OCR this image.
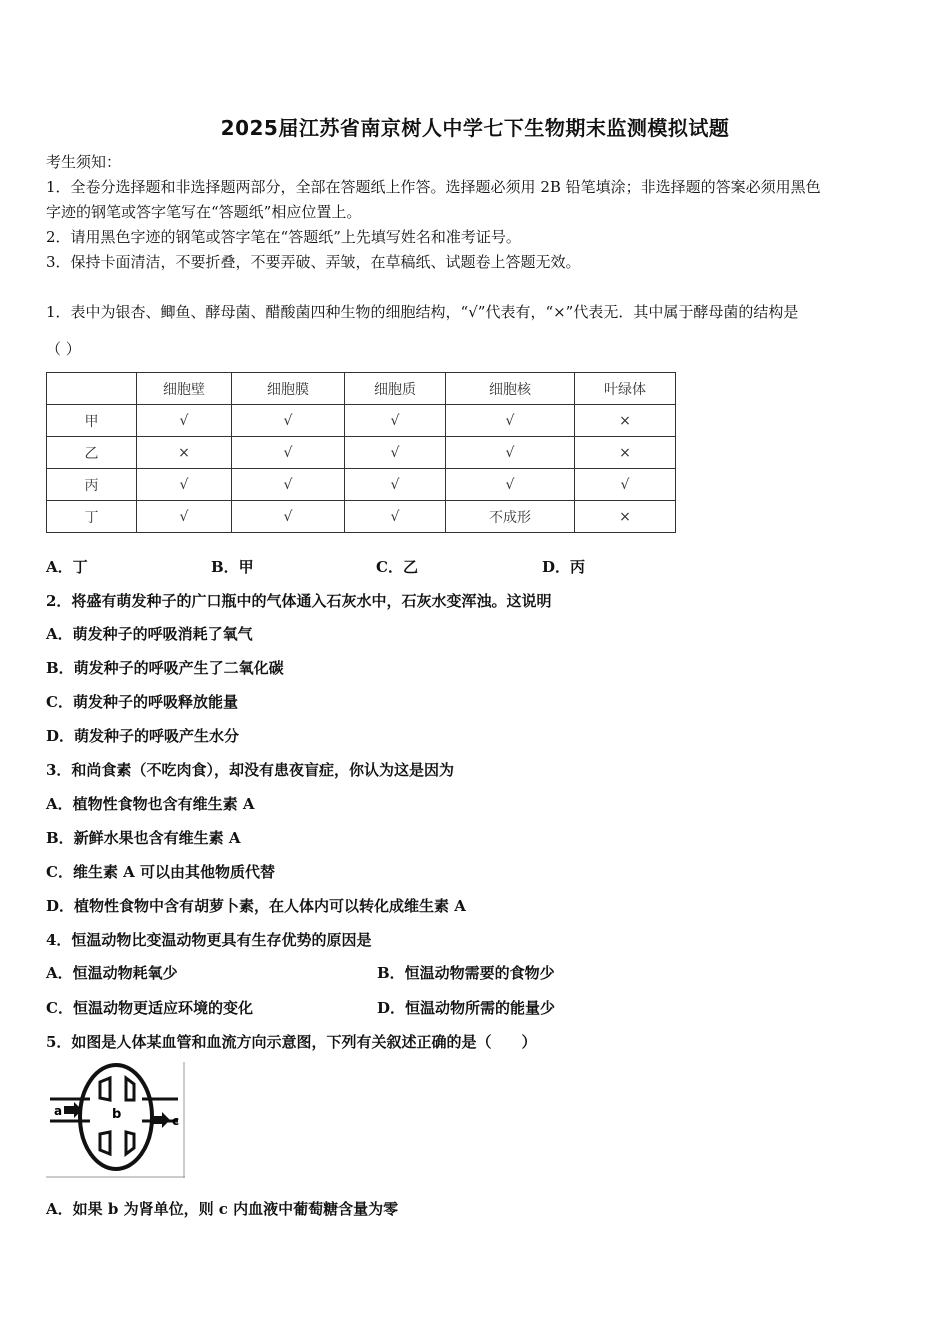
2025届江苏省南京树人中学七下生物期末监测模拟试题
考生须知：
1．全卷分选择题和非选择题两部分，全部在答题纸上作答。选择题必须用 2B 铅笔填涂；非选择题的答案必须用黑色
字迹的钢笔或答字笔写在“答题纸”相应位置上。
2．请用黑色字迹的钢笔或答字笔在“答题纸”上先填写姓名和准考证号。
3．保持卡面清洁，不要折叠，不要弄破、弄皱，在草稿纸、试题卷上答题无效。
1．表中为银杏、鲫鱼、酵母菌、醋酸菌四种生物的细胞结构，“√”代表有，“×”代表无．其中属于酵母菌的结构是
（ ）
	细胞壁	细胞膜	细胞质	细胞核	叶绿体
甲	√	√	√	√	×
乙	×	√	√	√	×
丙	√	√	√	√	√
丁	√	√	√	不成形	×
A．丁	B．甲	C．乙	D．丙
2．将盛有萌发种子的广口瓶中的气体通入石灰水中，石灰水变浑浊。这说明
A．萌发种子的呼吸消耗了氧气
B．萌发种子的呼吸产生了二氧化碳
C．萌发种子的呼吸释放能量
D．萌发种子的呼吸产生水分
3．和尚食素（不吃肉食），却没有患夜盲症，你认为这是因为
A．植物性食物也含有维生素 A
B．新鲜水果也含有维生素 A
C．维生素 A 可以由其他物质代替
D．植物性食物中含有胡萝卜素，在人体内可以转化成维生素 A
4．恒温动物比变温动物更具有生存优势的原因是
A．恒温动物耗氧少	B．恒温动物需要的食物少
C．恒温动物更适应环境的变化	D．恒温动物所需的能量少
5．如图是人体某血管和血流方向示意图，下列有关叙述正确的是（　　）
a	b	c
A．如果 b 为肾单位，则 c 内血液中葡萄糖含量为零
